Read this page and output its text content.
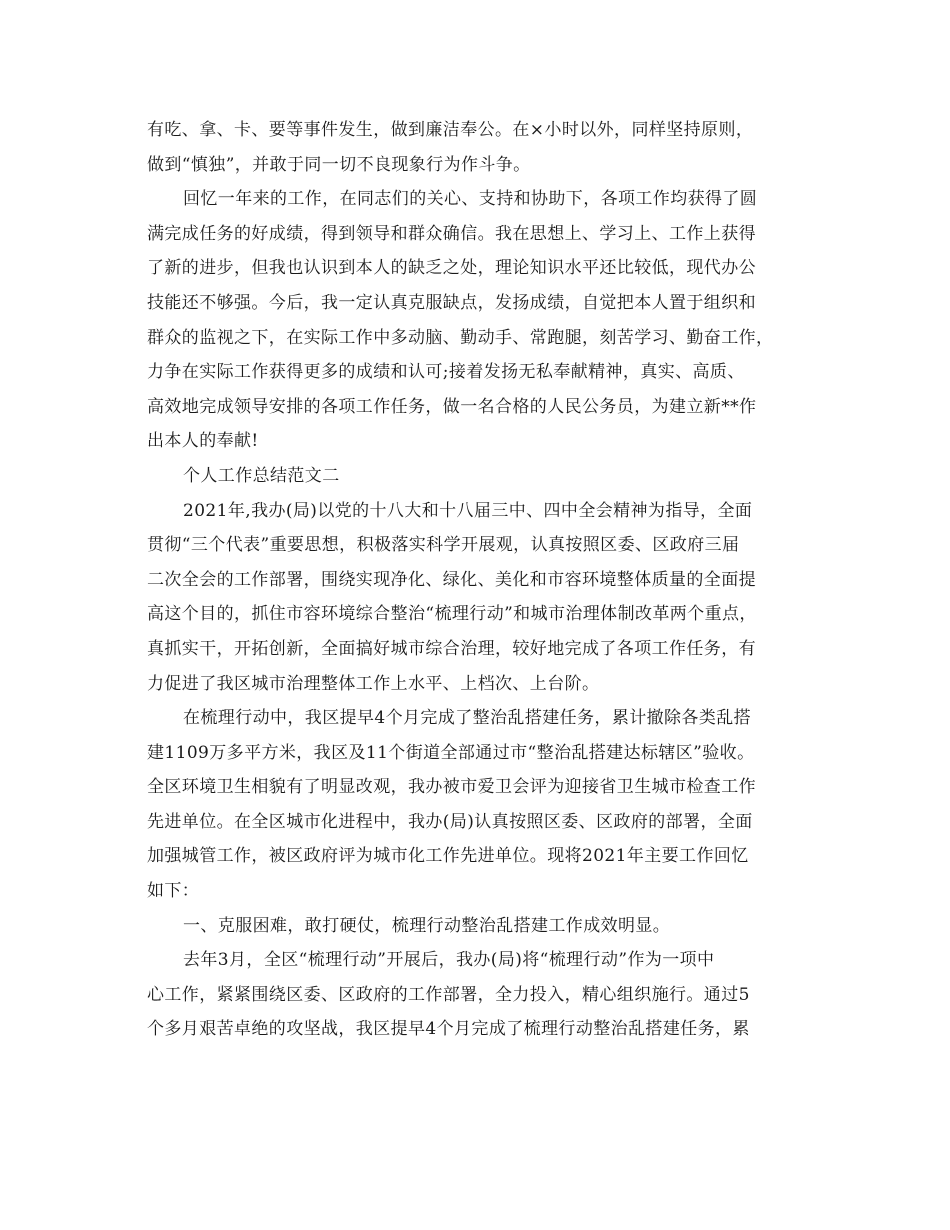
有吃、拿、卡、要等事件发生，做到廉洁奉公。在×小时以外，同样坚持原则，
做到“慎独”，并敢于同一切不良现象行为作斗争。
回忆一年来的工作，在同志们的关心、支持和协助下，各项工作均获得了圆
满完成任务的好成绩，得到领导和群众确信。我在思想上、学习上、工作上获得
了新的进步，但我也认识到本人的缺乏之处，理论知识水平还比较低，现代办公
技能还不够强。今后，我一定认真克服缺点，发扬成绩，自觉把本人置于组织和
群众的监视之下，在实际工作中多动脑、勤动手、常跑腿，刻苦学习、勤奋工作，
力争在实际工作获得更多的成绩和认可;接着发扬无私奉献精神，真实、高质、
高效地完成领导安排的各项工作任务，做一名合格的人民公务员，为建立新**作
出本人的奉献!
个人工作总结范文二
2021年,我办(局)以党的十八大和十八届三中、四中全会精神为指导，全面
贯彻“三个代表”重要思想，积极落实科学开展观，认真按照区委、区政府三届
二次全会的工作部署，围绕实现净化、绿化、美化和市容环境整体质量的全面提
高这个目的，抓住市容环境综合整治“梳理行动”和城市治理体制改革两个重点，
真抓实干，开拓创新，全面搞好城市综合治理，较好地完成了各项工作任务，有
力促进了我区城市治理整体工作上水平、上档次、上台阶。
在梳理行动中，我区提早4个月完成了整治乱搭建任务，累计撤除各类乱搭
建1109万多平方米，我区及11个街道全部通过市“整治乱搭建达标辖区”验收。
全区环境卫生相貌有了明显改观，我办被市爱卫会评为迎接省卫生城市检查工作
先进单位。在全区城市化进程中，我办(局)认真按照区委、区政府的部署，全面
加强城管工作，被区政府评为城市化工作先进单位。现将2021年主要工作回忆
如下：
一、克服困难，敢打硬仗，梳理行动整治乱搭建工作成效明显。
去年3月，全区“梳理行动”开展后，我办(局)将“梳理行动”作为一项中
心工作，紧紧围绕区委、区政府的工作部署，全力投入，精心组织施行。通过5
个多月艰苦卓绝的攻坚战，我区提早4个月完成了梳理行动整治乱搭建任务，累
